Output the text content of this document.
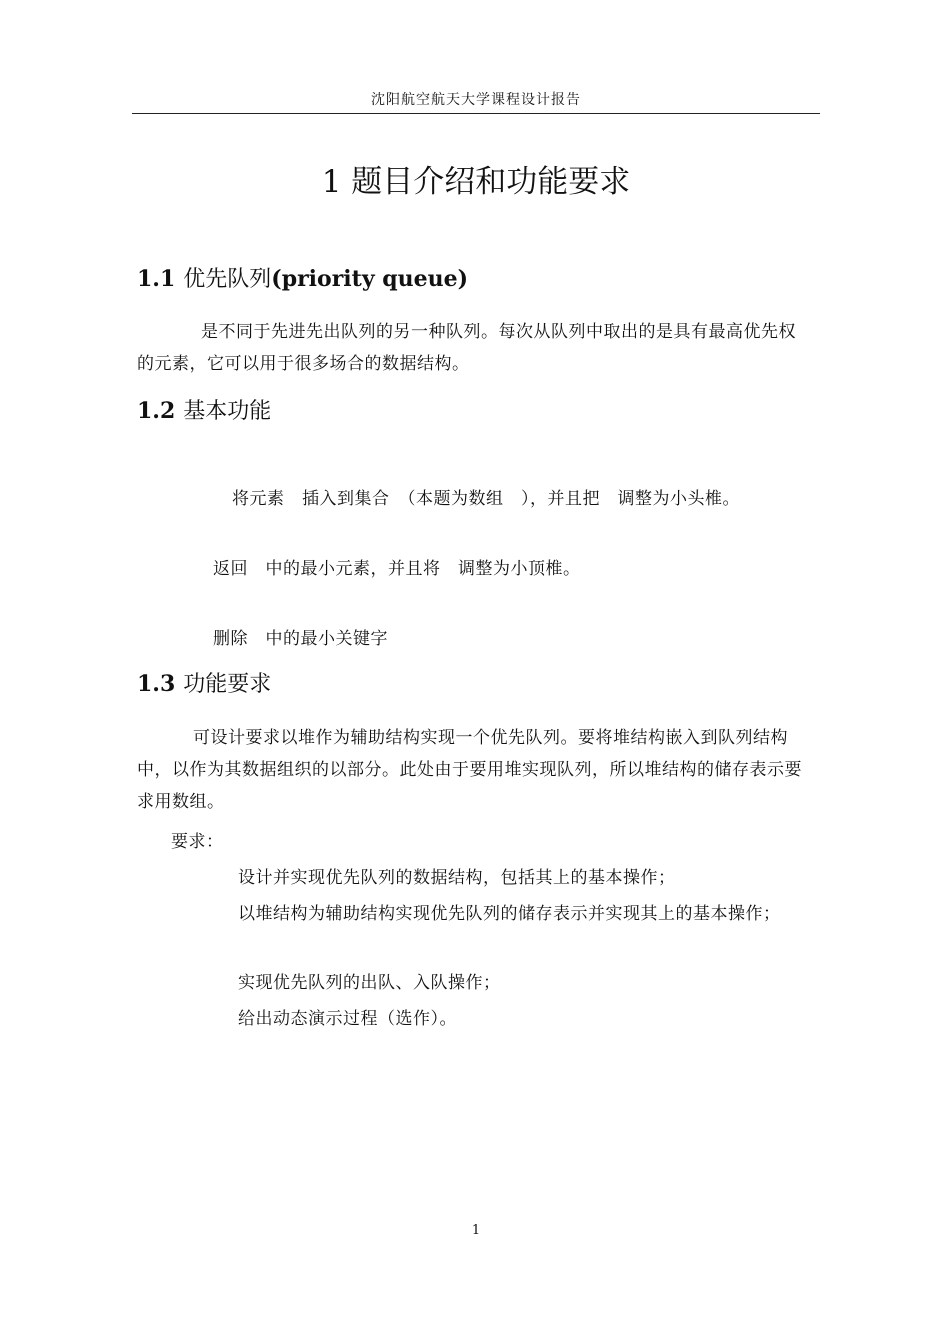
沈阳航空航天大学课程设计报告
1 题目介绍和功能要求
1.1 优先队列(priority queue)

是不同于先进先出队列的另一种队列。每次从队列中取出的是具有最高优先权的元素，它可以用于很多场合的数据结构。

1.2 基本功能

将元素　插入到集合　（本题为数组　），并且把　调整为小头椎。

返回　中的最小元素，并且将　调整为小顶椎。

删除　中的最小关键字

1.3 功能要求

可设计要求以堆作为辅助结构实现一个优先队列。要将堆结构嵌入到队列结构中，以作为其数据组织的以部分。此处由于要用堆实现队列，所以堆结构的储存表示要求用数组。

要求：

设计并实现优先队列的数据结构，包括其上的基本操作；

以堆结构为辅助结构实现优先队列的储存表示并实现其上的基本操作；

实现优先队列的出队、入队操作；

给出动态演示过程（选作）。

1
